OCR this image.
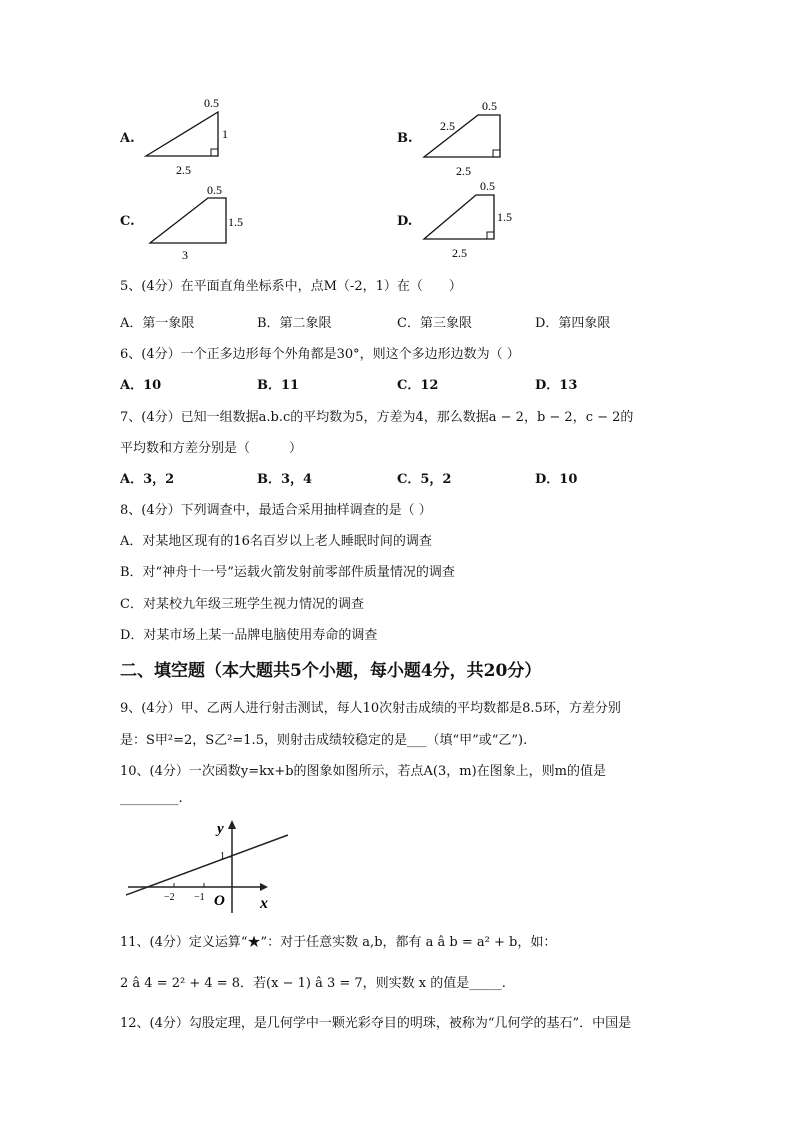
A.
0.5
1
2.5
B.
0.5
2.5
2.5
C.
0.5
1.5
3
D.
0.5
1.5
2.5
5、(4分）在平面直角坐标系中，点M（-2，1）在（　　）
A．第一象限	B．第二象限	C．第三象限	D．第四象限
6、(4分）一个正多边形每个外角都是30°，则这个多边形边数为（ ）
A．10	B．11	C．12	D．13
7、(4分）已知一组数据a.b.c的平均数为5，方差为4，那么数据a − 2，b − 2，c − 2的
平均数和方差分别是（　　　）
A．3，2	B．3，4	C．5，2	D．10
8、(4分）下列调查中，最适合采用抽样调查的是（ ）
A．对某地区现有的16名百岁以上老人睡眠时间的调查
B．对“神舟十一号”运载火箭发射前零部件质量情况的调查
C．对某校九年级三班学生视力情况的调查
D．对某市场上某一品牌电脑使用寿命的调查
二、填空题（本大题共5个小题，每小题4分，共20分）
9、(4分）甲、乙两人进行射击测试，每人10次射击成绩的平均数都是8.5环，方差分别
是：S甲²=2，S乙²=1.5，则射击成绩较稳定的是___（填“甲”或“乙”).
10、(4分）一次函数y=kx+b的图象如图所示，若点A(3，m)在图象上，则m的值是
_________.
y
x
O
−2 −1
1
11、(4分）定义运算“★”：对于任意实数 a,b，都有 a â b = a² + b，如：
2 â 4 = 2² + 4 = 8．若(x − 1) â 3 = 7，则实数 x 的值是_____.
12、(4分）勾股定理，是几何学中一颗光彩夺目的明珠，被称为“几何学的基石”．中国是
